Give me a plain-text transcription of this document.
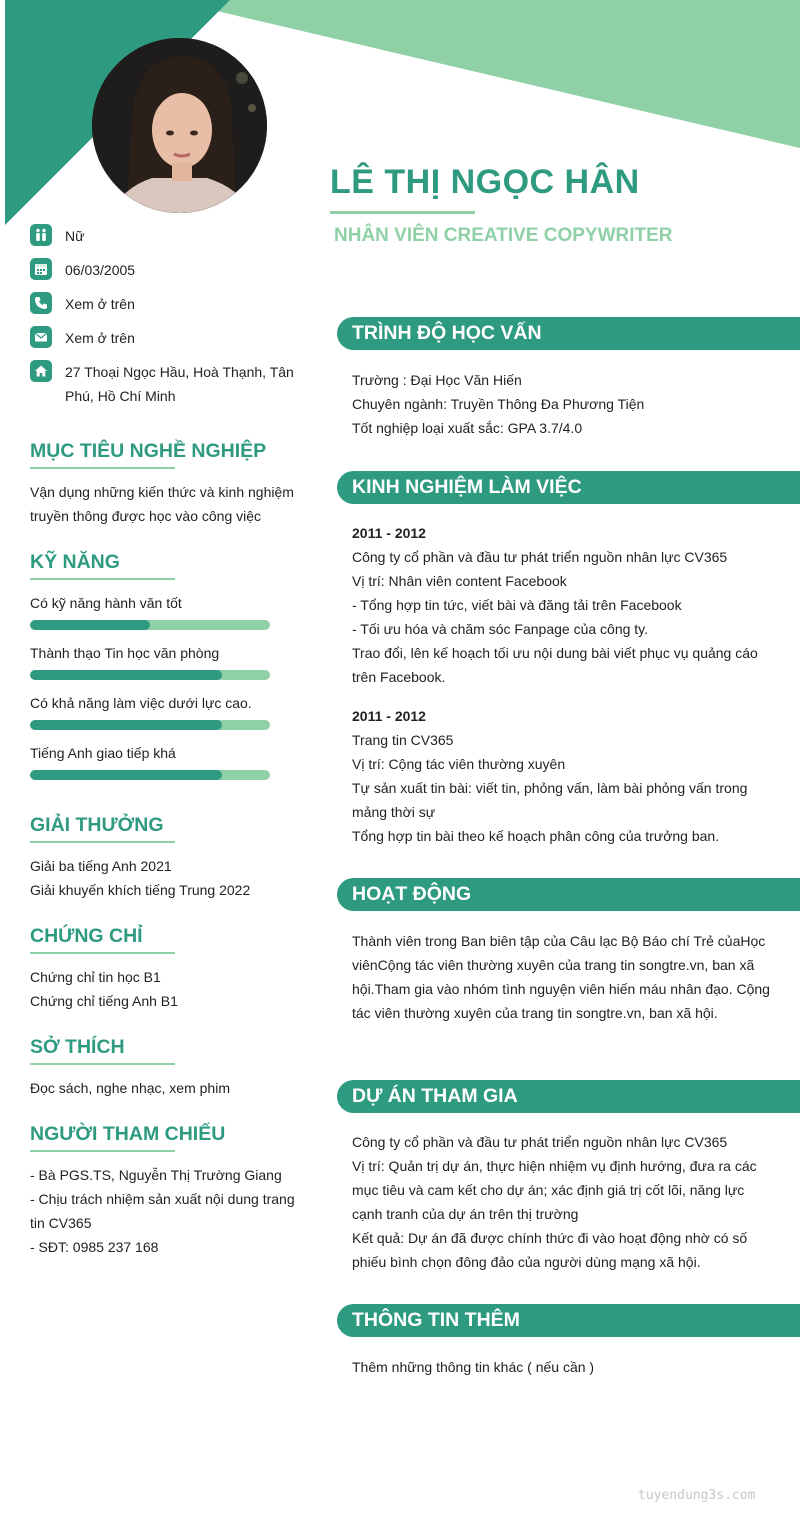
LÊ THỊ NGỌC HÂN
NHÂN VIÊN CREATIVE COPYWRITER
Nữ
06/03/2005
Xem ở trên
Xem ở trên
27 Thoại Ngọc Hầu, Hoà Thạnh, Tân Phú, Hồ Chí Minh
MỤC TIÊU NGHỀ NGHIỆP
Vận dụng những kiến thức và kinh nghiệm truyền thông được học vào công việc
KỸ NĂNG
Có kỹ năng hành văn tốt
Thành thạo Tin học văn phòng
Có khả năng làm việc dưới lực cao.
Tiếng Anh giao tiếp khá
GIẢI THƯỞNG
Giải ba tiếng Anh 2021
Giải khuyến khích tiếng Trung 2022
CHỨNG CHỈ
Chứng chỉ tin học B1
Chứng chỉ tiếng Anh B1
SỞ THÍCH
Đọc sách, nghe nhạc, xem phim
NGƯỜI THAM CHIẾU
- Bà PGS.TS, Nguyễn Thị Trường Giang
- Chịu trách nhiệm sản xuất nội dung trang tin CV365
- SĐT: 0985 237 168
TRÌNH ĐỘ HỌC VẤN

Trường : Đại Học Văn Hiến

Chuyên ngành: Truyền Thông Đa Phương Tiện

Tốt nghiệp loại xuất sắc: GPA 3.7/4.0

KINH NGHIỆM LÀM VIỆC

2011 - 2012

Công ty cổ phần và đầu tư phát triển nguồn nhân lực CV365

Vị trí: Nhân viên content Facebook

- Tổng hợp tin tức, viết bài và đăng tải trên Facebook

- Tối ưu hóa và chăm sóc Fanpage của công ty.

Trao đổi, lên kế hoạch tối ưu nội dung bài viết phục vụ quảng cáo trên Facebook.

2011 - 2012

Trang tin CV365

Vị trí: Cộng tác viên thường xuyên

Tự sản xuất tin bài: viết tin, phỏng vấn, làm bài phỏng vấn trong mảng thời sự

Tổng hợp tin bài theo kế hoạch phân công của trưởng ban.

HOẠT ĐỘNG
Thành viên trong Ban biên tập của Câu lạc Bộ Báo chí Trẻ củaHọc viênCộng tác viên thường xuyên của trang tin songtre.vn, ban xã hội.Tham gia vào nhóm tình nguyện viên hiến máu nhân đạo. Cộng tác viên thường xuyên của trang tin songtre.vn, ban xã hội.
DỰ ÁN THAM GIA

Công ty cổ phần và đầu tư phát triển nguồn nhân lực CV365

Vị trí: Quản trị dự án, thực hiện nhiệm vụ định hướng, đưa ra các mục tiêu và cam kết cho dự án; xác định giá trị cốt lõi, năng lực cạnh tranh của dự án trên thị trường

Kết quả: Dự án đã được chính thức đi vào hoạt động nhờ có số phiếu bình chọn đông đảo của người dùng mạng xã hội.

THÔNG TIN THÊM
Thêm những thông tin khác ( nếu cần )
tuyendung3s.com
